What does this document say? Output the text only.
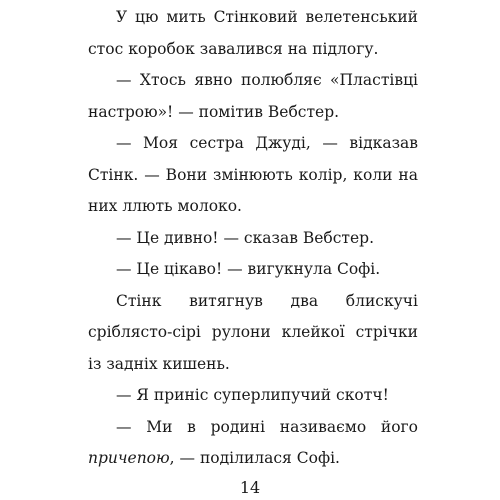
У цю мить Стінковий велетенський стос коробок завалився на підлогу.

— Хтось явно полюбляє «Пластівці настрою»! — помітив Вебстер.

— Моя сестра Джуді, — відказав Стінк. — Вони змінюють колір, коли на них ллють молоко.

— Це дивно! — сказав Вебстер.

— Це цікаво! — вигукнула Софі.

Стінк витягнув два блискучі сріблясто-сірі рулони клейкої стрічки із задніх кишень.

— Я приніс суперлипучий скотч!

— Ми в родині називаємо його причепою, — поділилася Софі.

14
